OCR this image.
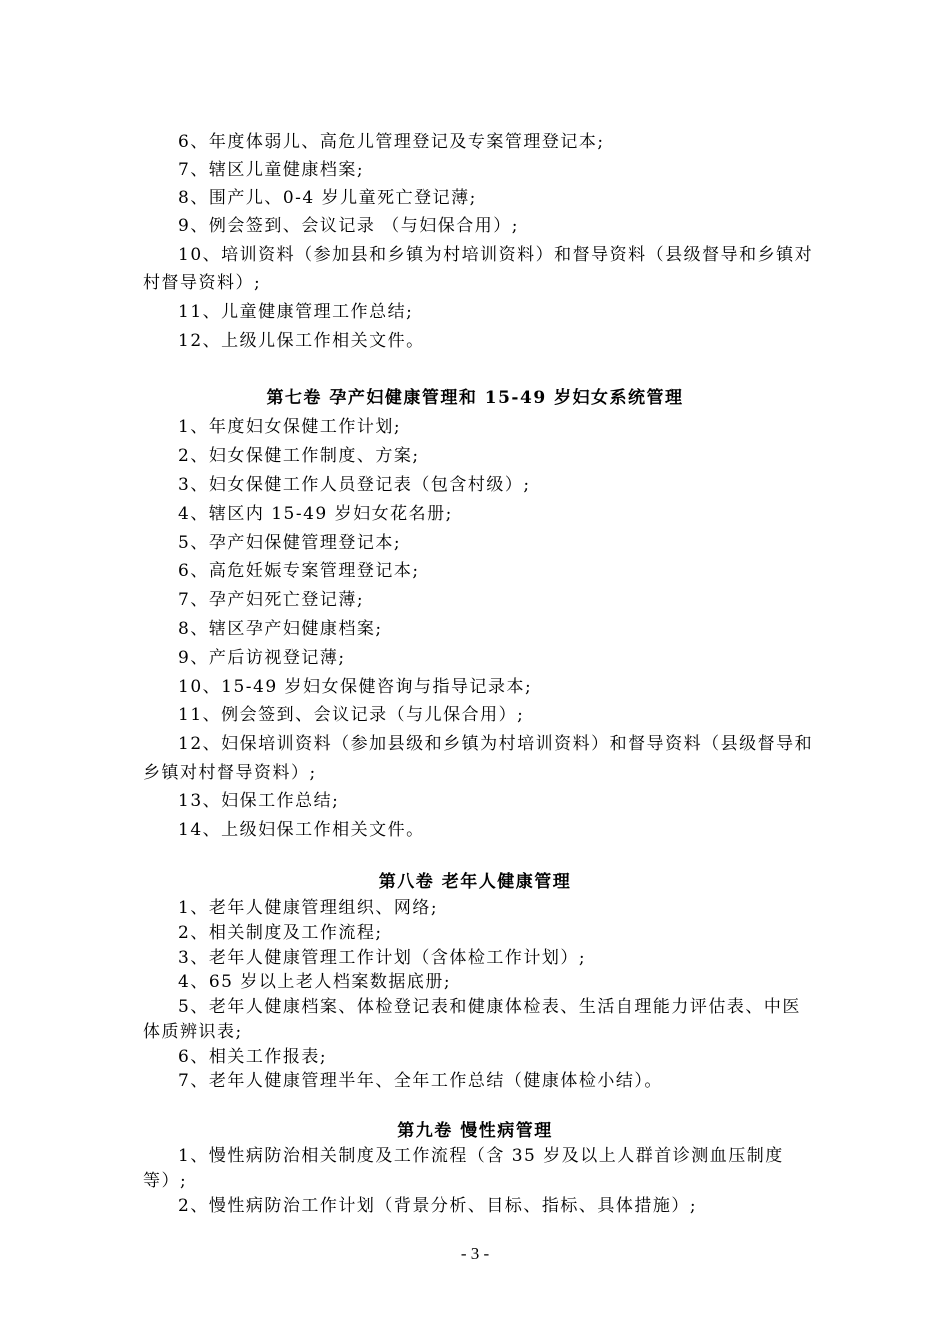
6、年度体弱儿、高危儿管理登记及专案管理登记本;
7、辖区儿童健康档案;
8、围产儿、0-4 岁儿童死亡登记薄;
9、例会签到、会议记录 （与妇保合用）;
10、培训资料（参加县和乡镇为村培训资料）和督导资料（县级督导和乡镇对
村督导资料）;
11、儿童健康管理工作总结;
12、上级儿保工作相关文件。
第七卷 孕产妇健康管理和 15-49 岁妇女系统管理
1、年度妇女保健工作计划;
2、妇女保健工作制度、方案;
3、妇女保健工作人员登记表（包含村级）;
4、辖区内 15-49 岁妇女花名册;
5、孕产妇保健管理登记本;
6、高危妊娠专案管理登记本;
7、孕产妇死亡登记薄;
8、辖区孕产妇健康档案;
9、产后访视登记薄;
10、15-49 岁妇女保健咨询与指导记录本;
11、例会签到、会议记录（与儿保合用）;
12、妇保培训资料（参加县级和乡镇为村培训资料）和督导资料（县级督导和
乡镇对村督导资料）;
13、妇保工作总结;
14、上级妇保工作相关文件。
第八卷 老年人健康管理
1、老年人健康管理组织、网络;
2、相关制度及工作流程;
3、老年人健康管理工作计划（含体检工作计划）;
4、65 岁以上老人档案数据底册;
5、老年人健康档案、体检登记表和健康体检表、生活自理能力评估表、中医
体质辨识表;
6、相关工作报表;
7、老年人健康管理半年、全年工作总结（健康体检小结）。
第九卷 慢性病管理
1、慢性病防治相关制度及工作流程（含 35 岁及以上人群首诊测血压制度
等）;
2、慢性病防治工作计划（背景分析、目标、指标、具体措施）;
- 3 -
